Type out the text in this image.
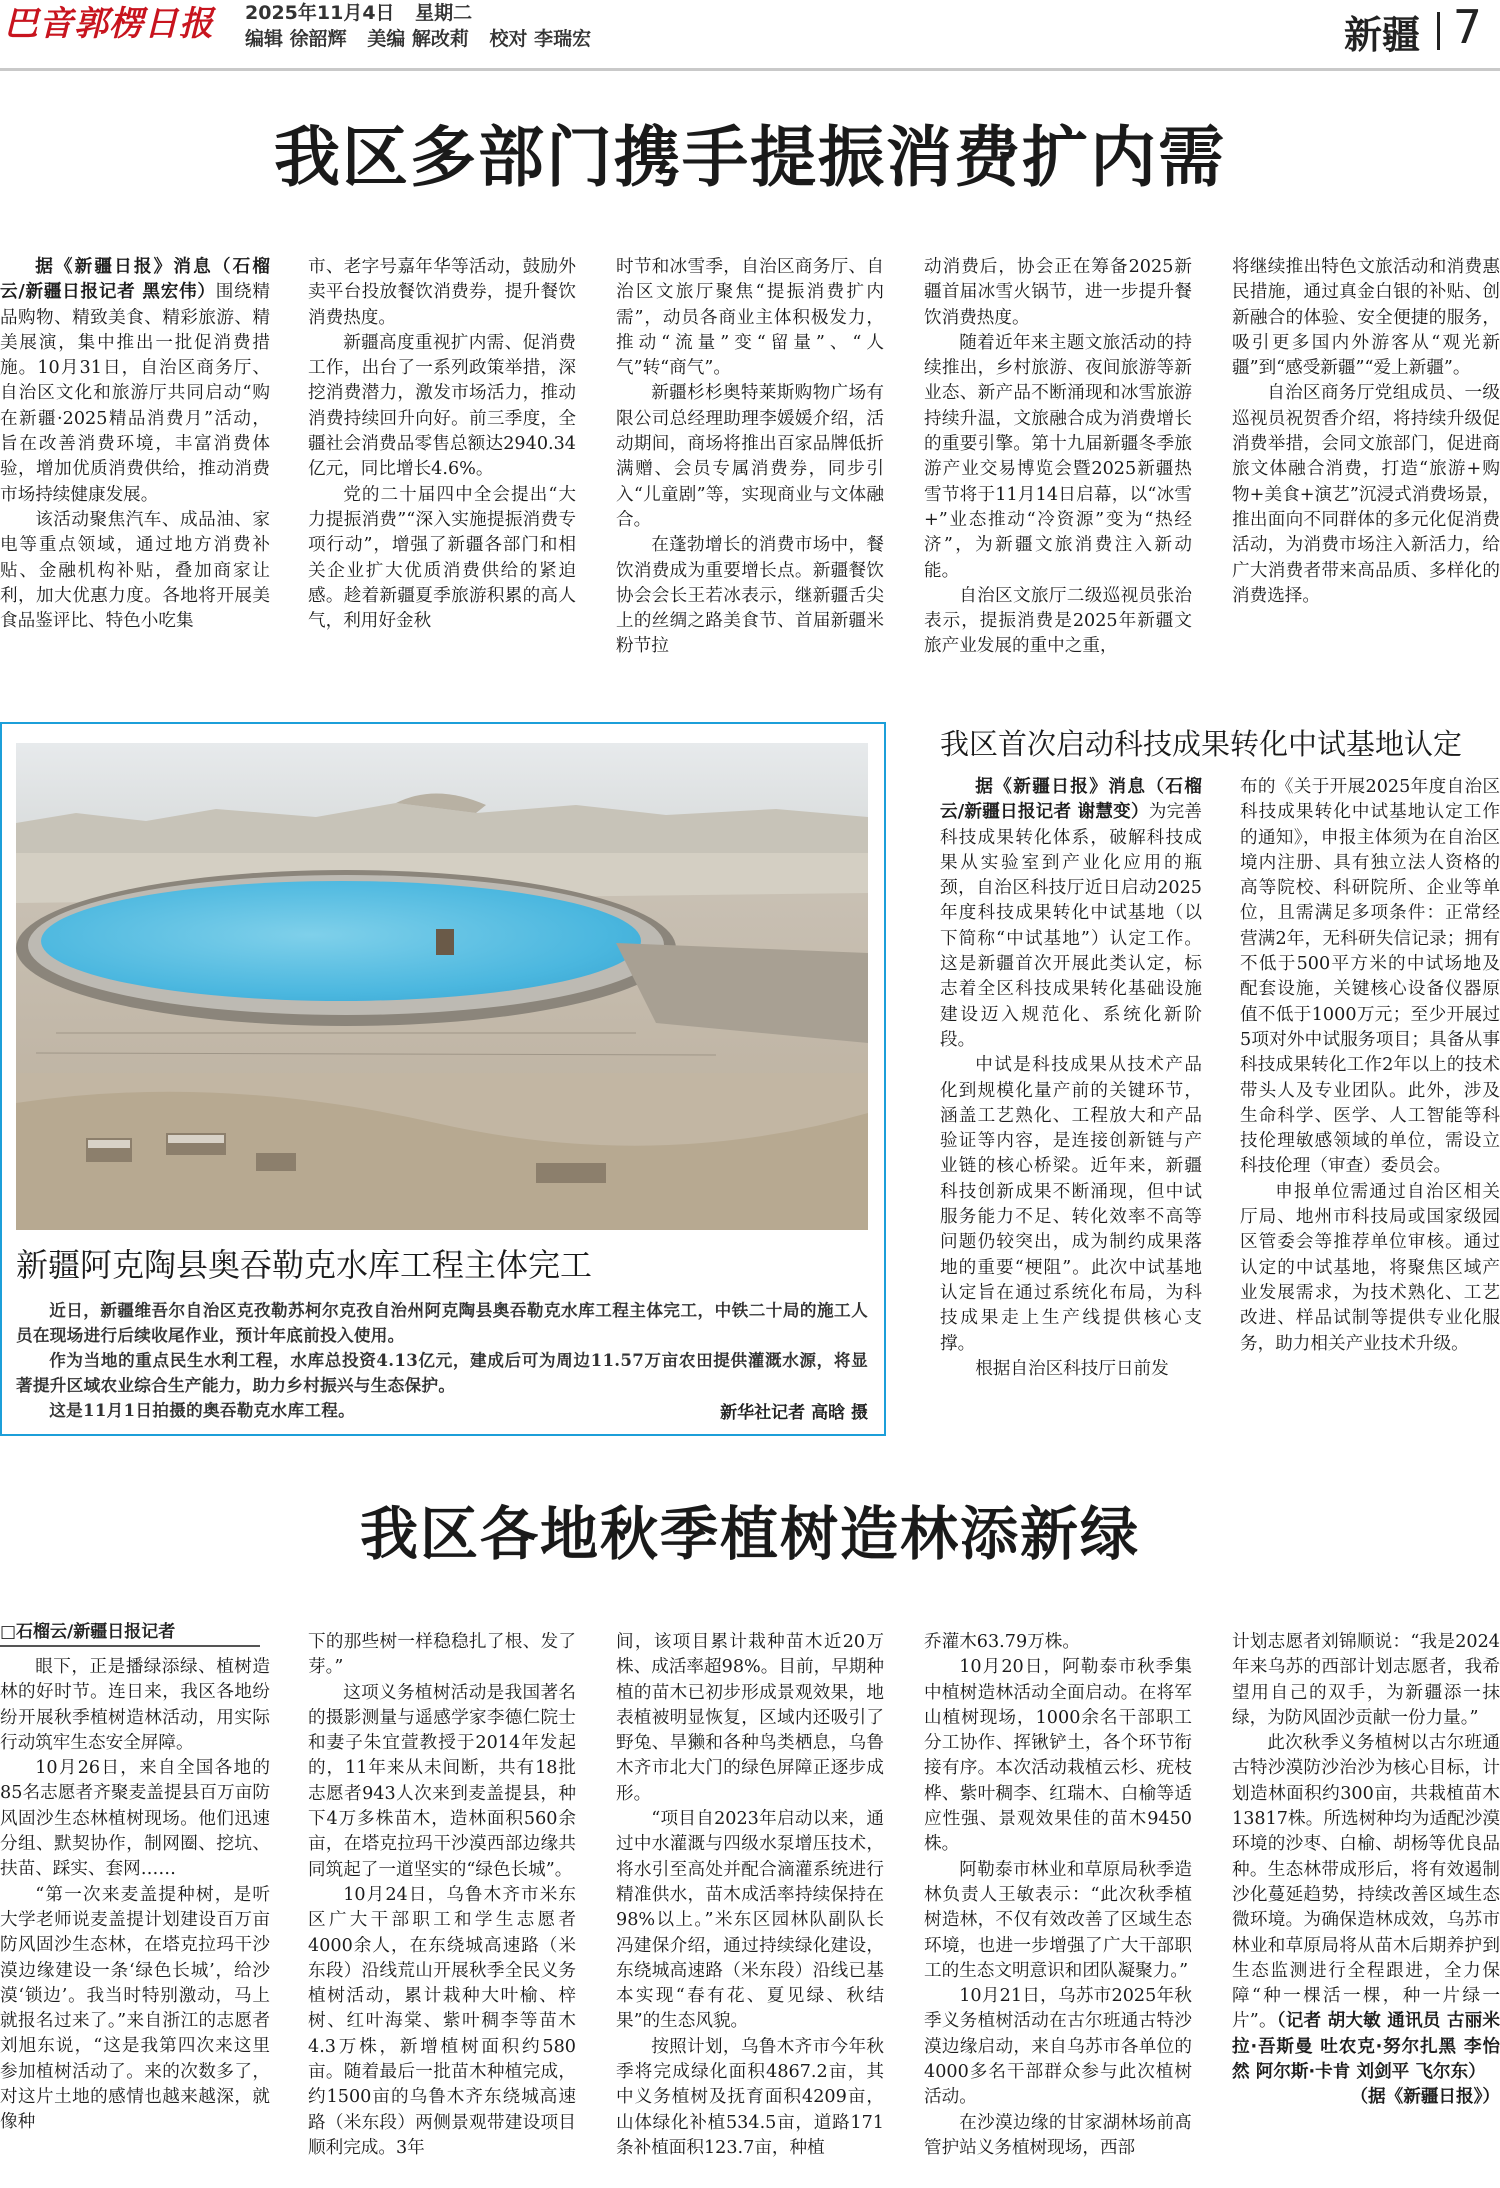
巴音郭楞日报 2025年11月4日 星期二
编辑 徐韶辉 美编 解改莉 校对 李瑞宏	新疆 7
我区多部门携手提振消费扩内需

据《新疆日报》消息（石榴云/新疆日报记者 黑宏伟）围绕精品购物、精致美食、精彩旅游、精美展演，集中推出一批促消费措施。10月31日，自治区商务厅、自治区文化和旅游厅共同启动“购在新疆·2025精品消费月”活动，旨在改善消费环境，丰富消费体验，增加优质消费供给，推动消费市场持续健康发展。

该活动聚焦汽车、成品油、家电等重点领域，通过地方消费补贴、金融机构补贴，叠加商家让利，加大优惠力度。各地将开展美食品鉴评比、特色小吃集

市、老字号嘉年华等活动，鼓励外卖平台投放餐饮消费券，提升餐饮消费热度。

新疆高度重视扩内需、促消费工作，出台了一系列政策举措，深挖消费潜力，激发市场活力，推动消费持续回升向好。前三季度，全疆社会消费品零售总额达2940.34亿元，同比增长4.6%。

党的二十届四中全会提出“大力提振消费”“深入实施提振消费专项行动”，增强了新疆各部门和相关企业扩大优质消费供给的紧迫感。趁着新疆夏季旅游积累的高人气，利用好金秋

时节和冰雪季，自治区商务厅、自治区文旅厅聚焦“提振消费扩内需”，动员各商业主体积极发力，推动“流量”变“留量”、“人气”转“商气”。

新疆杉杉奥特莱斯购物广场有限公司总经理助理李媛媛介绍，活动期间，商场将推出百家品牌低折满赠、会员专属消费券，同步引入“儿童剧”等，实现商业与文体融合。

在蓬勃增长的消费市场中，餐饮消费成为重要增长点。新疆餐饮协会会长王若冰表示，继新疆舌尖上的丝绸之路美食节、首届新疆米粉节拉

动消费后，协会正在筹备2025新疆首届冰雪火锅节，进一步提升餐饮消费热度。

随着近年来主题文旅活动的持续推出，乡村旅游、夜间旅游等新业态、新产品不断涌现和冰雪旅游持续升温，文旅融合成为消费增长的重要引擎。第十九届新疆冬季旅游产业交易博览会暨2025新疆热雪节将于11月14日启幕，以“冰雪+”业态推动“冷资源”变为“热经济”，为新疆文旅消费注入新动能。

自治区文旅厅二级巡视员张治表示，提振消费是2025年新疆文旅产业发展的重中之重，

将继续推出特色文旅活动和消费惠民措施，通过真金白银的补贴、创新融合的体验、安全便捷的服务，吸引更多国内外游客从“观光新疆”到“感受新疆”“爱上新疆”。

自治区商务厅党组成员、一级巡视员祝贺香介绍，将持续升级促消费举措，会同文旅部门，促进商旅文体融合消费，打造“旅游+购物+美食+演艺”沉浸式消费场景，推出面向不同群体的多元化促消费活动，为消费市场注入新活力，给广大消费者带来高品质、多样化的消费选择。

新疆阿克陶县奥吞勒克水库工程主体完工

近日，新疆维吾尔自治区克孜勒苏柯尔克孜自治州阿克陶县奥吞勒克水库工程主体完工，中铁二十局的施工人员在现场进行后续收尾作业，预计年底前投入使用。

作为当地的重点民生水利工程，水库总投资4.13亿元，建成后可为周边11.57万亩农田提供灌溉水源，将显著提升区域农业综合生产能力，助力乡村振兴与生态保护。

这是11月1日拍摄的奥吞勒克水库工程。	新华社记者 高晗 摄
我区首次启动科技成果转化中试基地认定

据《新疆日报》消息（石榴云/新疆日报记者 谢慧变）为完善科技成果转化体系，破解科技成果从实验室到产业化应用的瓶颈，自治区科技厅近日启动2025年度科技成果转化中试基地（以下简称“中试基地”）认定工作。这是新疆首次开展此类认定，标志着全区科技成果转化基础设施建设迈入规范化、系统化新阶段。

中试是科技成果从技术产品化到规模化量产前的关键环节，涵盖工艺熟化、工程放大和产品验证等内容，是连接创新链与产业链的核心桥梁。近年来，新疆科技创新成果不断涌现，但中试服务能力不足、转化效率不高等问题仍较突出，成为制约成果落地的重要“梗阻”。此次中试基地认定旨在通过系统化布局，为科技成果走上生产线提供核心支撑。

根据自治区科技厅日前发

布的《关于开展2025年度自治区科技成果转化中试基地认定工作的通知》，申报主体须为在自治区境内注册、具有独立法人资格的高等院校、科研院所、企业等单位，且需满足多项条件：正常经营满2年，无科研失信记录；拥有不低于500平方米的中试场地及配套设施，关键核心设备仪器原值不低于1000万元；至少开展过5项对外中试服务项目；具备从事科技成果转化工作2年以上的技术带头人及专业团队。此外，涉及生命科学、医学、人工智能等科技伦理敏感领域的单位，需设立科技伦理（审查）委员会。

申报单位需通过自治区相关厅局、地州市科技局或国家级园区管委会等推荐单位审核。通过认定的中试基地，将聚焦区域产业发展需求，为技术熟化、工艺改进、样品试制等提供专业化服务，助力相关产业技术升级。

我区各地秋季植树造林添新绿
□石榴云/新疆日报记者

眼下，正是播绿添绿、植树造林的好时节。连日来，我区各地纷纷开展秋季植树造林活动，用实际行动筑牢生态安全屏障。

10月26日，来自全国各地的85名志愿者齐聚麦盖提县百万亩防风固沙生态林植树现场。他们迅速分组、默契协作，制网圈、挖坑、扶苗、踩实、套网……

“第一次来麦盖提种树，是听大学老师说麦盖提计划建设百万亩防风固沙生态林，在塔克拉玛干沙漠边缘建设一条‘绿色长城’，给沙漠‘锁边’。我当时特别激动，马上就报名过来了。”来自浙江的志愿者刘旭东说，“这是我第四次来这里参加植树活动了。来的次数多了，对这片土地的感情也越来越深，就像种

下的那些树一样稳稳扎了根、发了芽。”

这项义务植树活动是我国著名的摄影测量与遥感学家李德仁院士和妻子朱宜萱教授于2014年发起的，11年来从未间断，共有18批志愿者943人次来到麦盖提县，种下4万多株苗木，造林面积560余亩，在塔克拉玛干沙漠西部边缘共同筑起了一道坚实的“绿色长城”。

10月24日，乌鲁木齐市米东区广大干部职工和学生志愿者4000余人，在东绕城高速路（米东段）沿线荒山开展秋季全民义务植树活动，累计栽种大叶榆、梓树、红叶海棠、紫叶稠李等苗木4.3万株，新增植树面积约580亩。随着最后一批苗木种植完成，约1500亩的乌鲁木齐东绕城高速路（米东段）两侧景观带建设项目顺利完成。3年

间，该项目累计栽种苗木近20万株、成活率超98%。目前，早期种植的苗木已初步形成景观效果，地表植被明显恢复，区域内还吸引了野兔、旱獭和各种鸟类栖息，乌鲁木齐市北大门的绿色屏障正逐步成形。

“项目自2023年启动以来，通过中水灌溉与四级水泵增压技术，将水引至高处并配合滴灌系统进行精准供水，苗木成活率持续保持在98%以上。”米东区园林队副队长冯建保介绍，通过持续绿化建设，东绕城高速路（米东段）沿线已基本实现“春有花、夏见绿、秋结果”的生态风貌。

按照计划，乌鲁木齐市今年秋季将完成绿化面积4867.2亩，其中义务植树及抚育面积4209亩，山体绿化补植534.5亩，道路171条补植面积123.7亩，种植

乔灌木63.79万株。

10月20日，阿勒泰市秋季集中植树造林活动全面启动。在将军山植树现场，1000余名干部职工分工协作、挥锹铲土，各个环节衔接有序。本次活动栽植云杉、疣枝桦、紫叶稠李、红瑞木、白榆等适应性强、景观效果佳的苗木9450株。

阿勒泰市林业和草原局秋季造林负责人王敏表示：“此次秋季植树造林，不仅有效改善了区域生态环境，也进一步增强了广大干部职工的生态文明意识和团队凝聚力。”

10月21日，乌苏市2025年秋季义务植树活动在古尔班通古特沙漠边缘启动，来自乌苏市各单位的4000多名干部群众参与此次植树活动。

在沙漠边缘的甘家湖林场前髙管护站义务植树现场，西部

计划志愿者刘锦顺说：“我是2024年来乌苏的西部计划志愿者，我希望用自己的双手，为新疆添一抹绿，为防风固沙贡献一份力量。”

此次秋季义务植树以古尔班通古特沙漠防沙治沙为核心目标，计划造林面积约300亩，共栽植苗木13817株。所选树种均为适配沙漠环境的沙枣、白榆、胡杨等优良品种。生态林带成形后，将有效遏制沙化蔓延趋势，持续改善区域生态微环境。为确保造林成效，乌苏市林业和草原局将从苗木后期养护到生态监测进行全程跟进，全力保障“种一棵活一棵，种一片绿一片”。（记者 胡大敏 通讯员 古丽米拉·吾斯曼 吐农克·努尔扎黑 李怡然 阿尔斯·卡肯 刘剑平 飞尔东）

（据《新疆日报》）
